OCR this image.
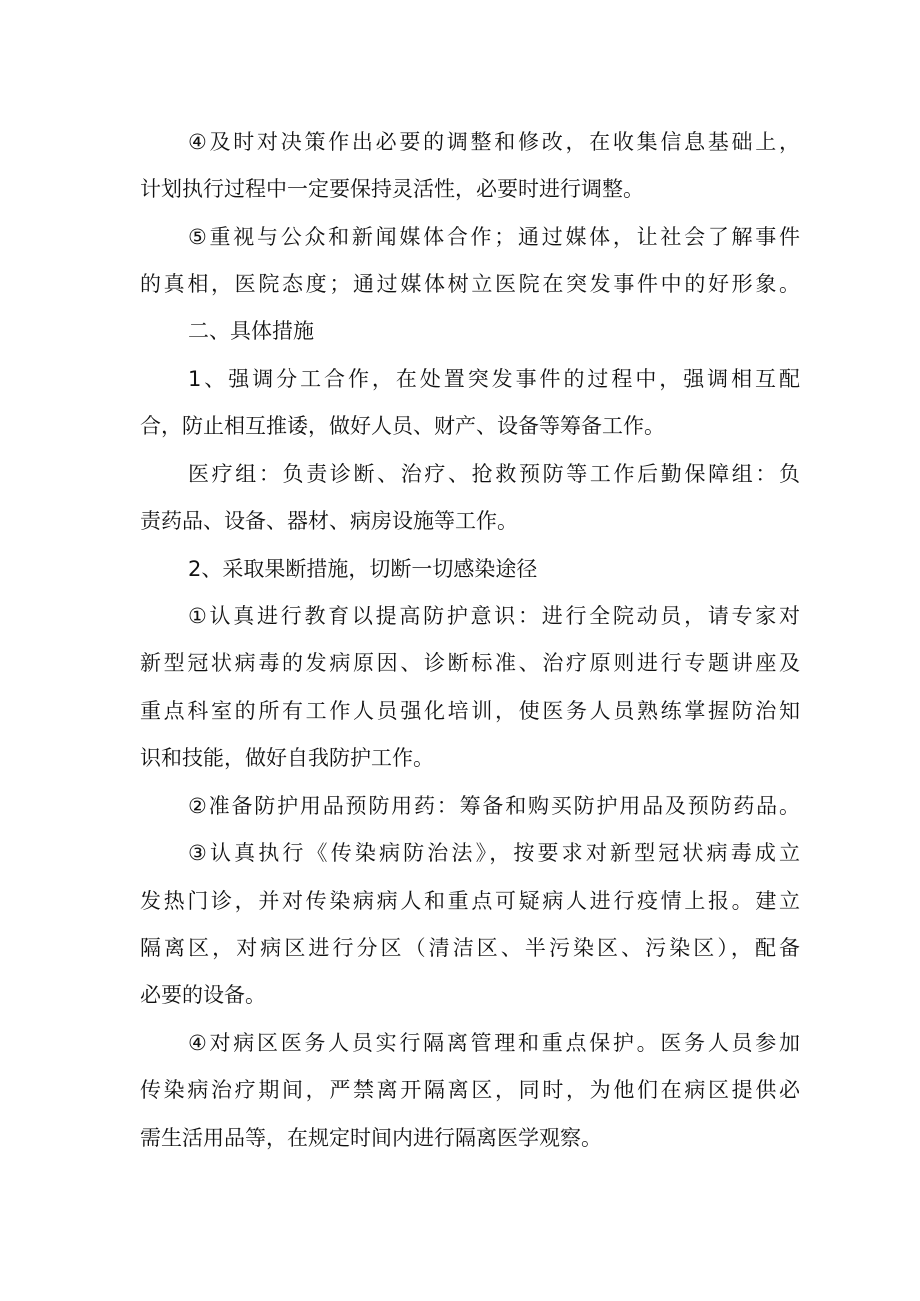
④及时对决策作出必要的调整和修改，在收集信息基础上，
计划执行过程中一定要保持灵活性，必要时进行调整。
⑤重视与公众和新闻媒体合作；通过媒体，让社会了解事件
的真相，医院态度；通过媒体树立医院在突发事件中的好形象。
二、具体措施
1、强调分工合作，在处置突发事件的过程中，强调相互配
合，防止相互推诿，做好人员、财产、设备等筹备工作。
医疗组：负责诊断、治疗、抢救预防等工作后勤保障组：负
责药品、设备、器材、病房设施等工作。
2、采取果断措施，切断一切感染途径
①认真进行教育以提高防护意识：进行全院动员，请专家对
新型冠状病毒的发病原因、诊断标准、治疗原则进行专题讲座及
重点科室的所有工作人员强化培训，使医务人员熟练掌握防治知
识和技能，做好自我防护工作。
②准备防护用品预防用药：筹备和购买防护用品及预防药品。
③认真执行《传染病防治法》，按要求对新型冠状病毒成立
发热门诊，并对传染病病人和重点可疑病人进行疫情上报。建立
隔离区，对病区进行分区（清洁区、半污染区、污染区），配备
必要的设备。
④对病区医务人员实行隔离管理和重点保护。医务人员参加
传染病治疗期间，严禁离开隔离区，同时，为他们在病区提供必
需生活用品等，在规定时间内进行隔离医学观察。
